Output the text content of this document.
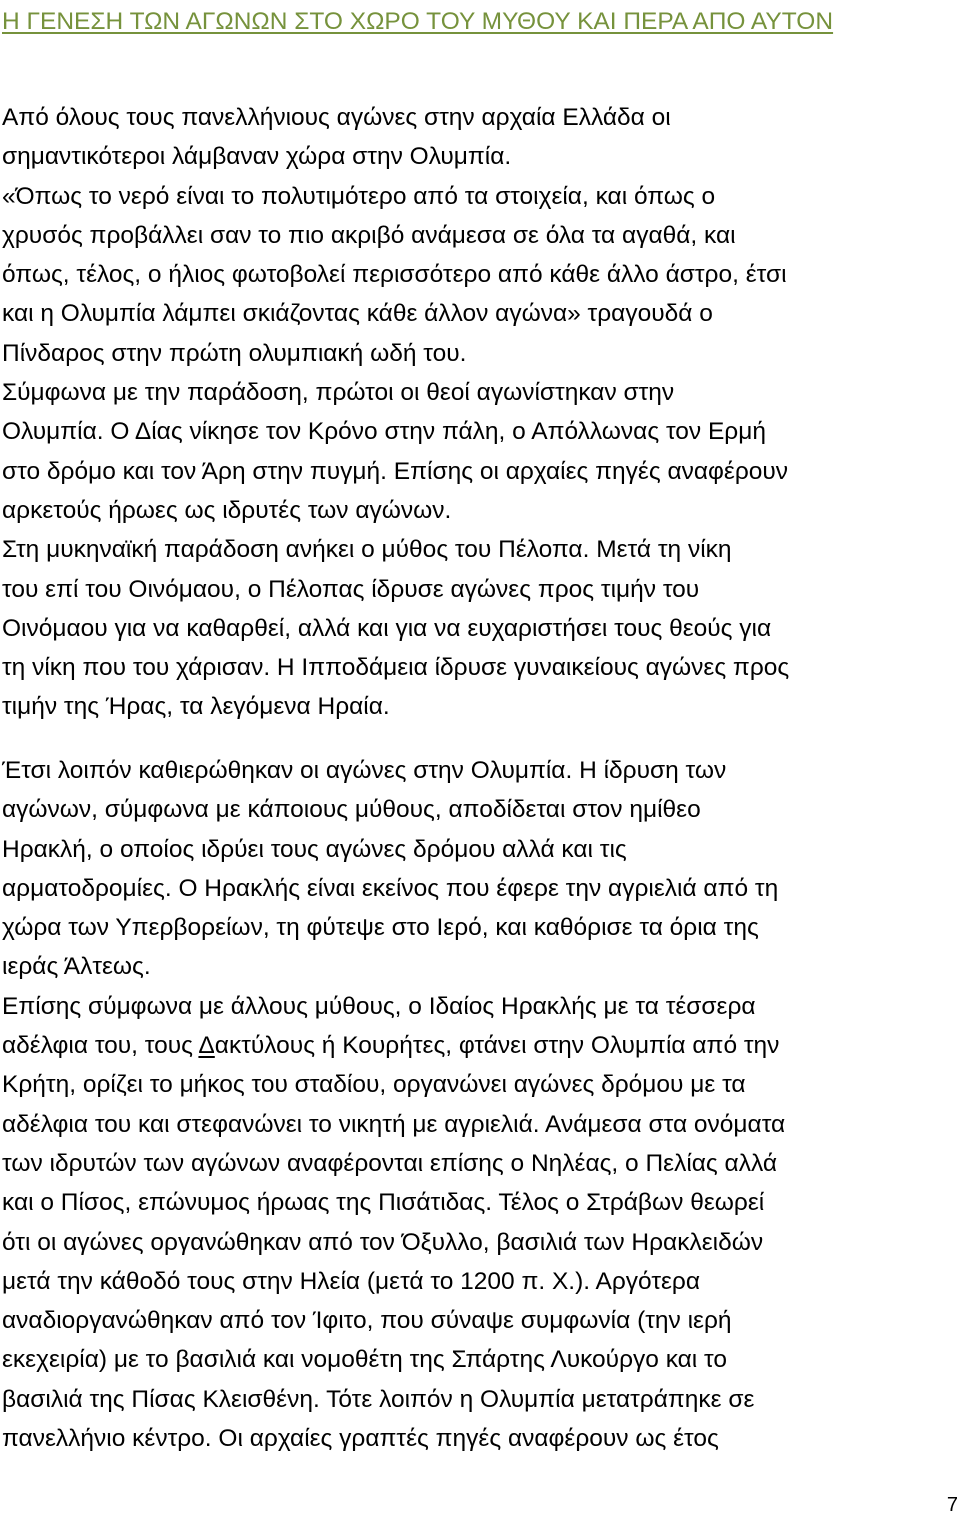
Η ΓΕΝΕΣΗ ΤΩΝ ΑΓΩΝΩΝ ΣΤΟ ΧΩΡΟ ΤΟΥ ΜΥΘΟΥ ΚΑΙ ΠΕΡΑ ΑΠΟ ΑΥΤΟΝ
Από όλους τους πανελλήνιους αγώνες στην αρχαία Ελλάδα οι
σημαντικότεροι λάμβαναν χώρα στην Ολυμπία.
«Όπως το νερό είναι το πολυτιμότερο από τα στοιχεία, και όπως ο
χρυσός προβάλλει σαν το πιο ακριβό ανάμεσα σε όλα τα αγαθά, και
όπως, τέλος, ο ήλιος φωτοβολεί περισσότερο από κάθε άλλο άστρο, έτσι
και η Ολυμπία λάμπει σκιάζοντας κάθε άλλον αγώνα» τραγουδά ο
Πίνδαρος στην πρώτη ολυμπιακή ωδή του.
Σύμφωνα με την παράδοση, πρώτοι οι θεοί αγωνίστηκαν στην
Ολυμπία. Ο Δίας νίκησε τον Κρόνο στην πάλη, ο Απόλλωνας τον Ερμή
στο δρόμο και τον Άρη στην πυγμή. Επίσης οι αρχαίες πηγές αναφέρουν
αρκετούς ήρωες ως ιδρυτές των αγώνων.
Στη μυκηναϊκή παράδοση ανήκει ο μύθος του Πέλοπα. Μετά τη νίκη
του επί του Οινόμαου, ο Πέλοπας ίδρυσε αγώνες προς τιμήν του
Οινόμαου για να καθαρθεί, αλλά και για να ευχαριστήσει τους θεούς για
τη νίκη που του χάρισαν. Η Ιπποδάμεια ίδρυσε γυναικείους αγώνες προς
τιμήν της Ήρας, τα λεγόμενα Ηραία.
Έτσι λοιπόν καθιερώθηκαν οι αγώνες στην Ολυμπία. Η ίδρυση των
αγώνων, σύμφωνα με κάποιους μύθους, αποδίδεται στον ημίθεο
Ηρακλή, ο οποίος ιδρύει τους αγώνες δρόμου αλλά και τις
αρματοδρομίες. Ο Ηρακλής είναι εκείνος που έφερε την αγριελιά από τη
χώρα των Υπερβορείων, τη φύτεψε στο Ιερό, και καθόρισε τα όρια της
ιεράς Άλτεως.
Επίσης σύμφωνα με άλλους μύθους, ο Ιδαίος Ηρακλής με τα τέσσερα
αδέλφια του, τους Δακτύλους ή Κουρήτες, φτάνει στην Ολυμπία από την
Κρήτη, ορίζει το μήκος του σταδίου, οργανώνει αγώνες δρόμου με τα
αδέλφια του και στεφανώνει το νικητή με αγριελιά. Ανάμεσα στα ονόματα
των ιδρυτών των αγώνων αναφέρονται επίσης ο Νηλέας, ο Πελίας αλλά
και ο Πίσος, επώνυμος ήρωας της Πισάτιδας. Τέλος ο Στράβων θεωρεί
ότι οι αγώνες οργανώθηκαν από τον Όξυλλο, βασιλιά των Ηρακλειδών
μετά την κάθοδό τους στην Ηλεία (μετά το 1200 π. Χ.). Αργότερα
αναδιοργανώθηκαν από τον Ίφιτο, που σύναψε συμφωνία (την ιερή
εκεχειρία) με το βασιλιά και νομοθέτη της Σπάρτης Λυκούργο και το
βασιλιά της Πίσας Κλεισθένη. Τότε λοιπόν η Ολυμπία μετατράπηκε σε
πανελλήνιο κέντρο. Οι αρχαίες γραπτές πηγές αναφέρουν ως έτος
7
